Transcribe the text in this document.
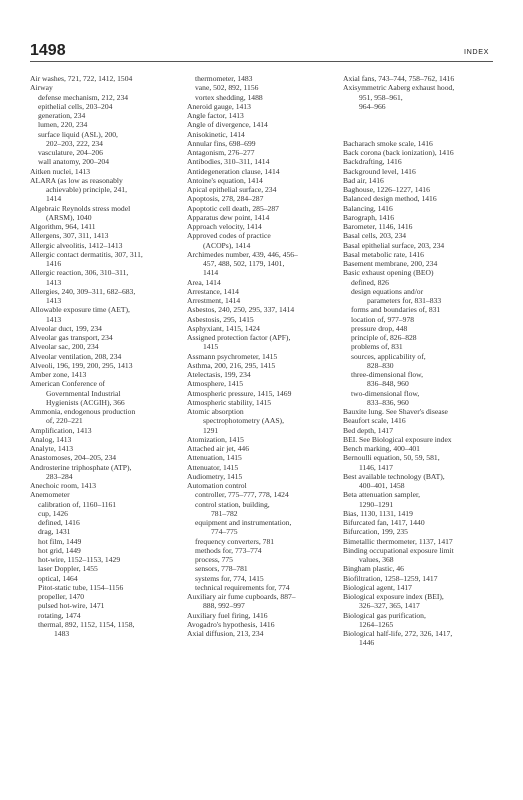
1498	INDEX
Air washes, 721, 722, 1412, 1504
Airway
defense mechanism, 212, 234
epithelial cells, 203–204
generation, 234
lumen, 220, 234
surface liquid (ASL), 200,
202–203, 222, 234
vasculature, 204–206
wall anatomy, 200–204
Aitken nuclei, 1413
ALARA (as low as reasonably
achievable) principle, 241,
1414
Algebraic Reynolds stress model
(ARSM), 1040
Algorithm, 964, 1411
Allergens, 307, 311, 1413
Allergic alveolitis, 1412–1413
Allergic contact dermatitis, 307, 311,
1416
Allergic reaction, 306, 310–311,
1413
Allergies, 240, 309–311, 682–683,
1413
Allowable exposure time (AET),
1413
Alveolar duct, 199, 234
Alveolar gas transport, 234
Alveolar sac, 200, 234
Alveolar ventilation, 208, 234
Alveoli, 196, 199, 200, 295, 1413
Amber zone, 1413
American Conference of
Governmental Industrial
Hygienists (ACGIH), 366
Ammonia, endogenous production
of, 220–221
Amplification, 1413
Analog, 1413
Analyte, 1413
Anastomoses, 204–205, 234
Androsterine triphosphate (ATP),
283–284
Anechoic room, 1413
Anemometer
calibration of, 1160–1161
cup, 1426
defined, 1416
drag, 1431
hot film, 1449
hot grid, 1449
hot-wire, 1152–1153, 1429
laser Doppler, 1455
optical, 1464
Pitot-static tube, 1154–1156
propeller, 1470
pulsed hot-wire, 1471
rotating, 1474
thermal, 892, 1152, 1154, 1158,
1483
thermometer, 1483
vane, 502, 892, 1156
vortex shedding, 1488
Aneroid gauge, 1413
Angle factor, 1413
Angle of divergence, 1414
Anisokinetic, 1414
Annular fins, 698–699
Antagonism, 276–277
Antibodies, 310–311, 1414
Antidegeneration clause, 1414
Antoine's equation, 1414
Apical epithelial surface, 234
Apoptosis, 278, 284–287
Apoptotic cell death, 285–287
Apparatus dew point, 1414
Approach velocity, 1414
Approved codes of practice
(ACOPs), 1414
Archimedes number, 439, 446, 456–
457, 488, 502, 1179, 1401,
1414
Area, 1414
Arrestance, 1414
Arrestment, 1414
Asbestos, 240, 250, 295, 337, 1414
Asbestosis, 295, 1415
Asphyxiant, 1415, 1424
Assigned protection factor (APF),
1415
Assmann psychrometer, 1415
Asthma, 200, 216, 295, 1415
Atelectasis, 199, 234
Atmosphere, 1415
Atmospheric pressure, 1415, 1469
Atmospheric stability, 1415
Atomic absorption
spectrophotometry (AAS),
1291
Atomization, 1415
Attached air jet, 446
Attenuation, 1415
Attenuator, 1415
Audiometry, 1415
Automation control
controller, 775–777, 778, 1424
control station, building,
781–782
equipment and instrumentation,
774–775
frequency converters, 781
methods for, 773–774
process, 775
sensors, 778–781
systems for, 774, 1415
technical requirements for, 774
Auxiliary air fume cupboards, 887–
888, 992–997
Auxiliary fuel firing, 1416
Avogadro's hypothesis, 1416
Axial diffusion, 213, 234
Axial fans, 743–744, 758–762, 1416
Axisymmetric Aaberg exhaust hood,
951, 958–961,
964–966
Bacharach smoke scale, 1416
Back corona (back ionization), 1416
Backdrafting, 1416
Background level, 1416
Bad air, 1416
Baghouse, 1226–1227, 1416
Balanced design method, 1416
Balancing, 1416
Barograph, 1416
Barometer, 1146, 1416
Basal cells, 203, 234
Basal epithelial surface, 203, 234
Basal metabolic rate, 1416
Basement membrane, 200, 234
Basic exhaust opening (BEO)
defined, 826
design equations and/or
parameters for, 831–833
forms and boundaries of, 831
location of, 977–978
pressure drop, 448
principle of, 826–828
problems of, 831
sources, applicability of,
828–830
three-dimensional flow,
836–848, 960
two-dimensional flow,
833–836, 960
Bauxite lung. See Shaver's disease
Beaufort scale, 1416
Bed depth, 1417
BEI. See Biological exposure index
Bench marking, 400–401
Bernoulli equation, 50, 59, 581,
1146, 1417
Best available technology (BAT),
400–401, 1458
Beta attenuation sampler,
1290–1291
Bias, 1130, 1131, 1419
Bifurcated fan, 1417, 1440
Bifurcation, 199, 235
Bimetallic thermometer, 1137, 1417
Binding occupational exposure limit
values, 368
Bingham plastic, 46
Biofiltration, 1258–1259, 1417
Biological agent, 1417
Biological exposure index (BEI),
326–327, 365, 1417
Biological gas purification,
1264–1265
Biological half-life, 272, 326, 1417,
1446
